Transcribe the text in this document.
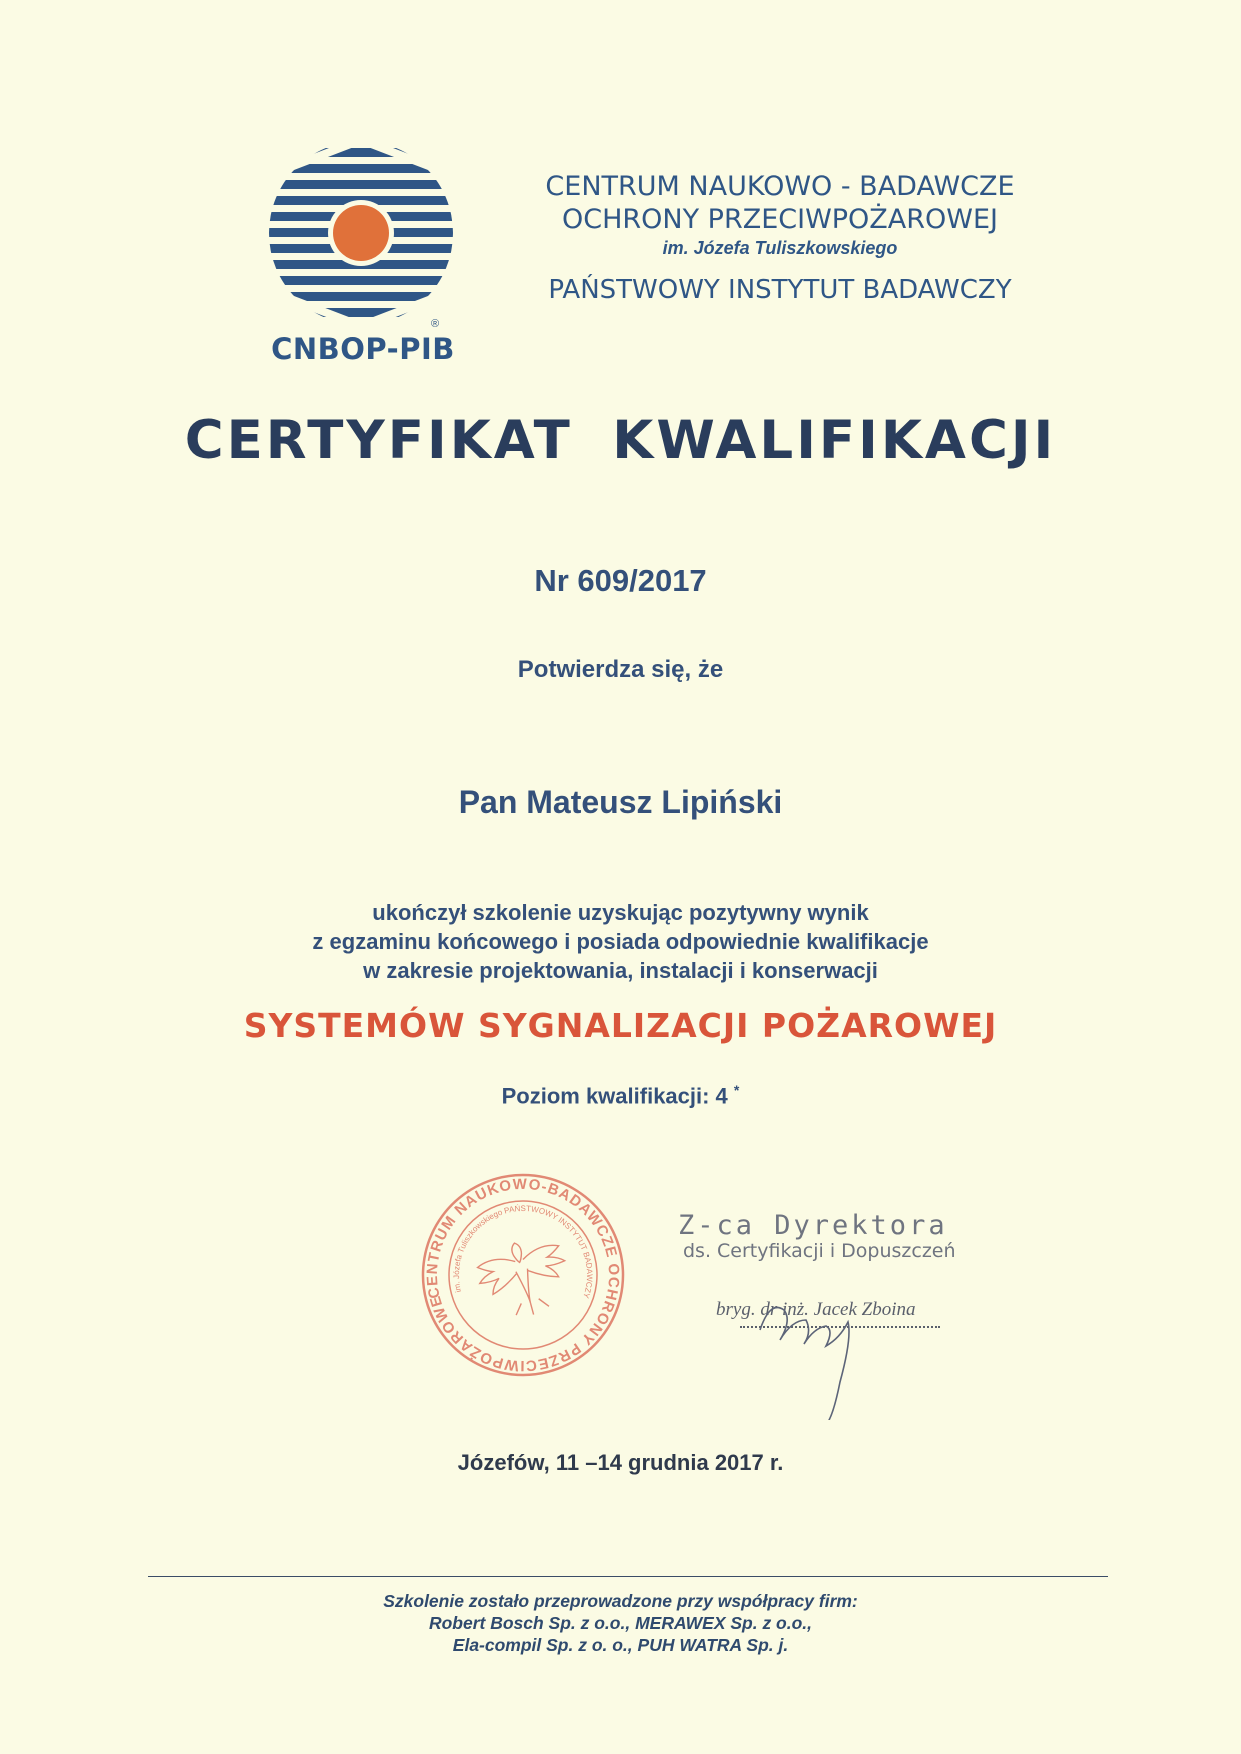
®
CNBOP-PIB
CENTRUM NAUKOWO - BADAWCZE
OCHRONY PRZECIWPOŻAROWEJ
im. Józefa Tuliszkowskiego
PAŃSTWOWY INSTYTUT BADAWCZY
CERTYFIKAT KWALIFIKACJI
Nr 609/2017
Potwierdza się, że
Pan Mateusz Lipiński
ukończył szkolenie uzyskując pozytywny wynik
z egzaminu końcowego i posiada odpowiednie kwalifikacje
w zakresie projektowania, instalacji i konserwacji
SYSTEMÓW SYGNALIZACJI POŻAROWEJ
Poziom kwalifikacji: 4 *
CENTRUM NAUKOWO-BADAWCZE OCHRONY PRZECIWPOŻAROWEJ
im. Józefa Tuliszkowskiego PAŃSTWOWY INSTYTUT BADAWCZY
Z-ca Dyrektora
ds. Certyfikacji i Dopuszczeń
bryg. dr inż. Jacek Zboina
Józefów, 11 –14 grudnia 2017 r.
Szkolenie zostało przeprowadzone przy współpracy firm:
Robert Bosch Sp. z o.o., MERAWEX Sp. z o.o.,
Ela-compil Sp. z o. o., PUH WATRA Sp. j.
